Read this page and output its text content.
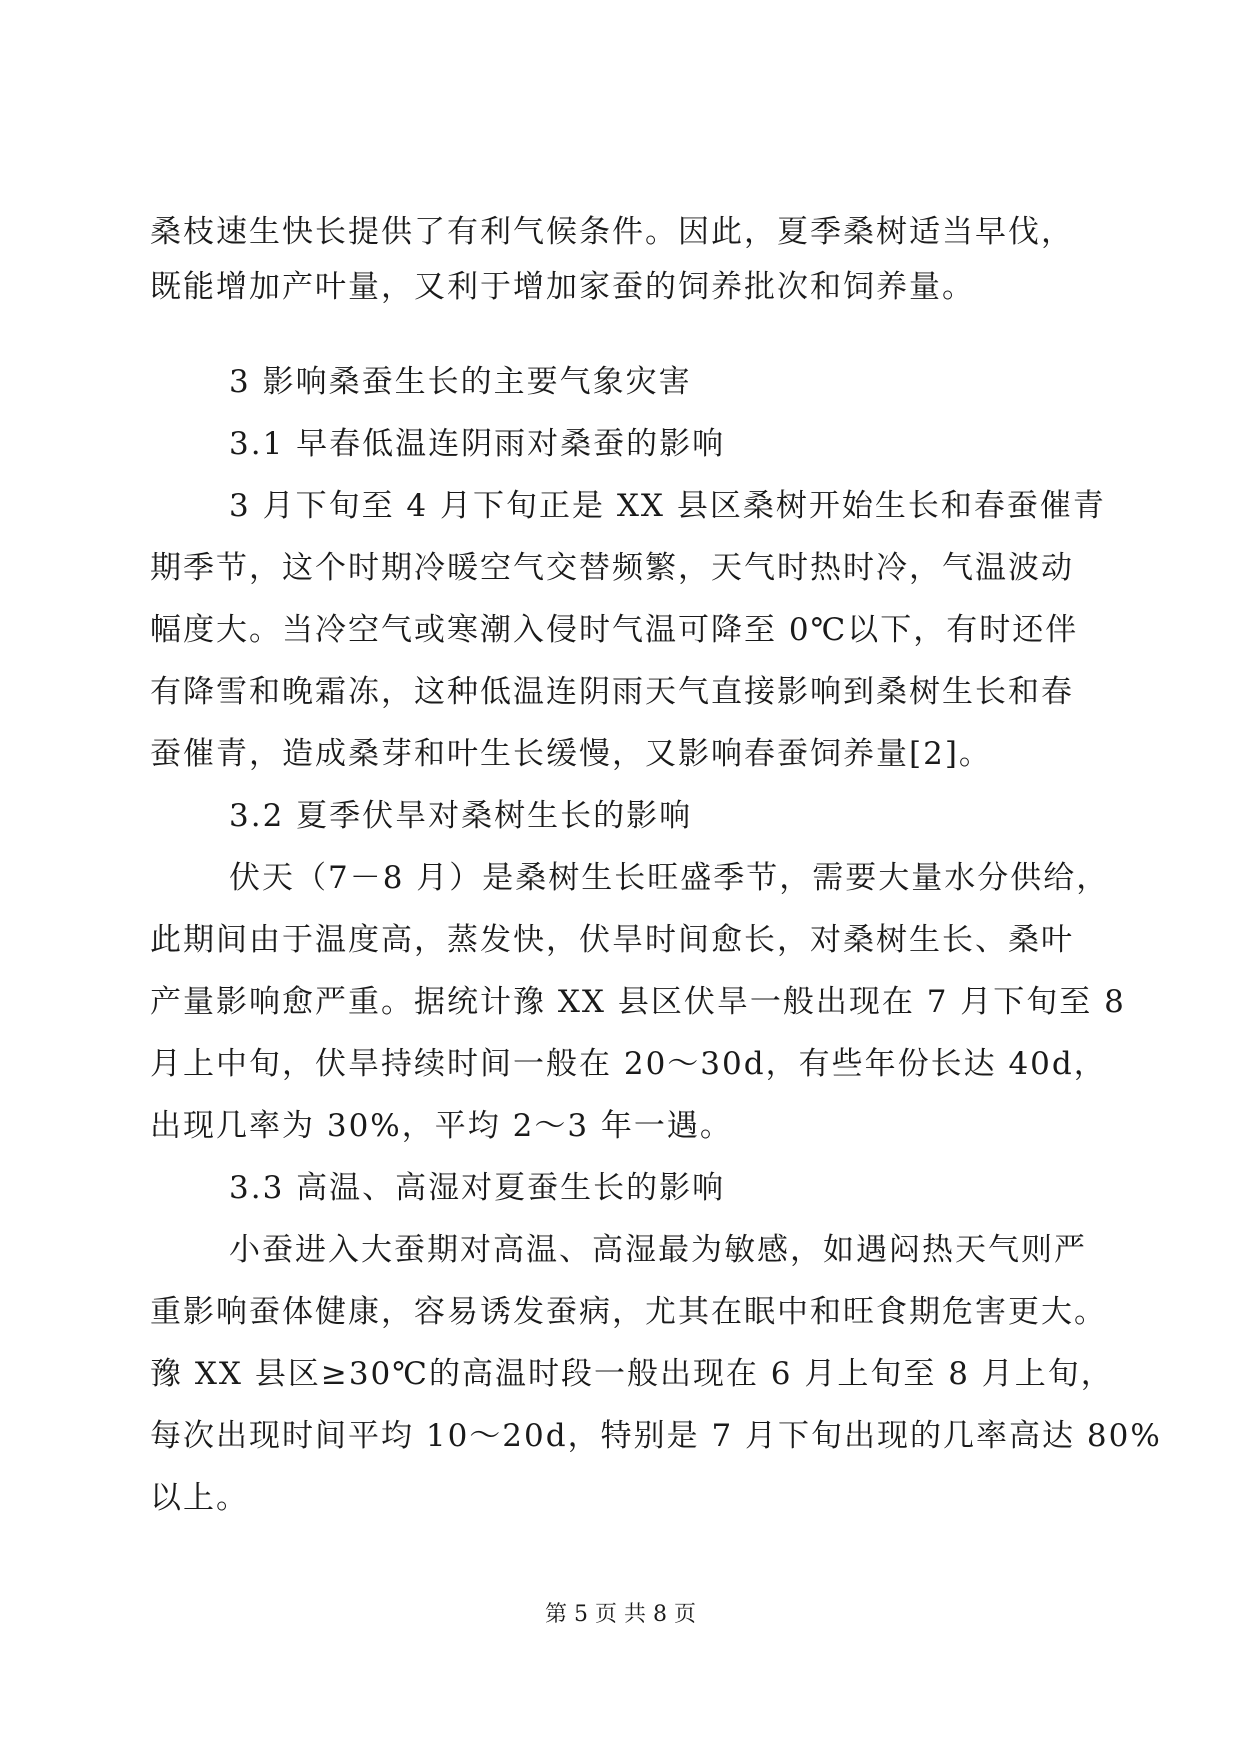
桑枝速生快长提供了有利气候条件。因此，夏季桑树适当早伐，
既能增加产叶量，又利于增加家蚕的饲养批次和饲养量。
3 影响桑蚕生长的主要气象灾害
3.1 早春低温连阴雨对桑蚕的影响
3 月下旬至 4 月下旬正是 XX 县区桑树开始生长和春蚕催青
期季节，这个时期冷暖空气交替频繁，天气时热时冷，气温波动
幅度大。当冷空气或寒潮入侵时气温可降至 0℃以下，有时还伴
有降雪和晚霜冻，这种低温连阴雨天气直接影响到桑树生长和春
蚕催青，造成桑芽和叶生长缓慢，又影响春蚕饲养量[2]。
3.2 夏季伏旱对桑树生长的影响
伏天（7－8 月）是桑树生长旺盛季节，需要大量水分供给，
此期间由于温度高，蒸发快，伏旱时间愈长，对桑树生长、桑叶
产量影响愈严重。据统计豫 XX 县区伏旱一般出现在 7 月下旬至 8
月上中旬，伏旱持续时间一般在 20～30d，有些年份长达 40d，
出现几率为 30%，平均 2～3 年一遇。
3.3 高温、高湿对夏蚕生长的影响
小蚕进入大蚕期对高温、高湿最为敏感，如遇闷热天气则严
重影响蚕体健康，容易诱发蚕病，尤其在眠中和旺食期危害更大。
豫 XX 县区≥30℃的高温时段一般出现在 6 月上旬至 8 月上旬，
每次出现时间平均 10～20d，特别是 7 月下旬出现的几率高达 80%
以上。
第 5 页 共 8 页
